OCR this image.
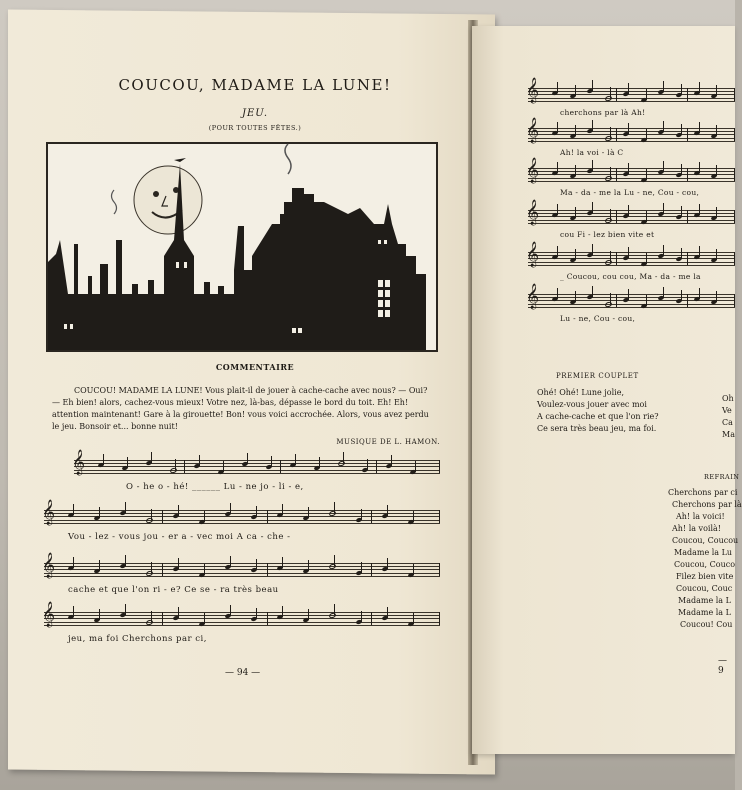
COUCOU, MADAME LA LUNE!
JEU.
(POUR TOUTES FÊTES.)
COMMENTAIRE
COUCOU! MADAME LA LUNE! Vous plait-il de jouer à cache-cache avec nous? — Oui? — Eh bien! alors, cachez-vous mieux! Votre nez, là-bas, dépasse le bord du toit. Eh! Eh! attention maintenant! Gare à la girouette! Bon! vous voici accrochée. Alors, vous avez perdu le jeu. Bonsoir et... bonne nuit!
MUSIQUE DE L. HAMON.
𝄞
O - he o - hé! ______ Lu - ne jo - li - e,
𝄞
Vou - lez - vous jou - er a - vec moi A ca - che -
𝄞
cache et que l'on ri - e? Ce se - ra très beau
𝄞
jeu, ma foi Cherchons par ci,
— 94 —
𝄞
cherchons par là Ah!
𝄞
Ah! la voi - là C
𝄞
Ma - da - me la Lu - ne, Cou - cou,
𝄞
cou Fi - lez bien vite et
𝄞
_ Coucou, cou cou, Ma - da - me la
𝄞
Lu - ne, Cou - cou,
PREMIER COUPLET
Ohé! Ohé! Lune jolie,
Voulez-vous jouer avec moi
A cache-cache et que l'on rie?
Ce sera très beau jeu, ma foi.
Oh
Ve
Ca
Ma
REFRAIN
Cherchons par ci
Cherchons par là
Ah! la voici!
Ah! la voilà!
Coucou, Coucou
Madame la Lu
Coucou, Couco
Filez bien vite
Coucou, Couc
Madame la L
Madame la L
Coucou! Cou
— 9
